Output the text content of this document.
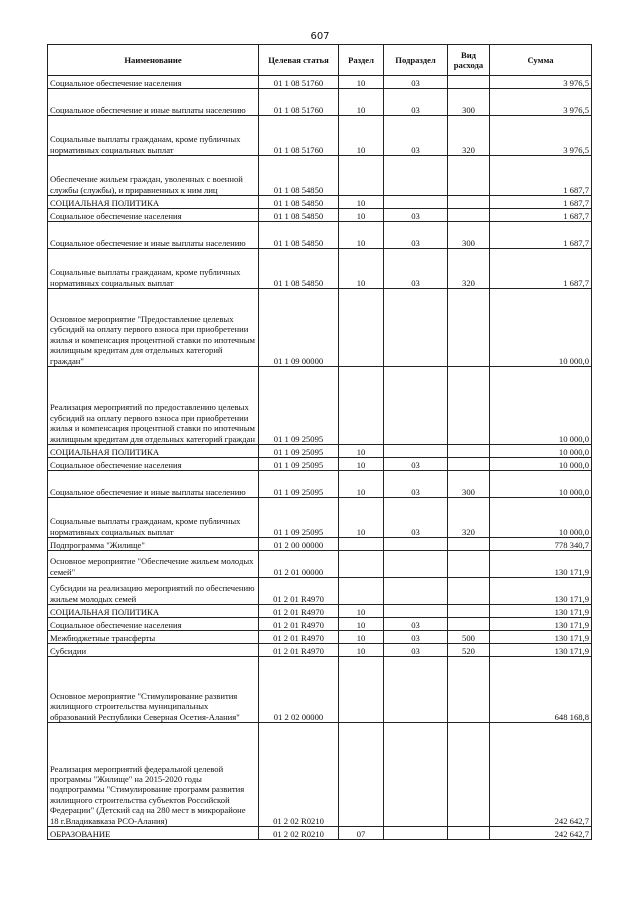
607
Наименование	Целевая статья	Раздел	Подраздел	Вид расхода	Сумма
Социальное обеспечение населения	01 1 08 51760	10	03		3 976,5
Социальное обеспечение и иные выплаты населению	01 1 08 51760	10	03	300	3 976,5
Социальные выплаты гражданам, кроме публичных нормативных социальных выплат	01 1 08 51760	10	03	320	3 976,5
Обеспечение жильем граждан, уволенных с военной службы (службы), и приравненных к ним лиц	01 1 08 54850				1 687,7
СОЦИАЛЬНАЯ ПОЛИТИКА	01 1 08 54850	10			1 687,7
Социальное обеспечение населения	01 1 08 54850	10	03		1 687,7
Социальное обеспечение и иные выплаты населению	01 1 08 54850	10	03	300	1 687,7
Социальные выплаты гражданам, кроме публичных нормативных социальных выплат	01 1 08 54850	10	03	320	1 687,7
Основное мероприятие "Предоставление целевых субсидий на оплату первого взноса при приобретении жилья и компенсация процентной ставки по ипотечным жилищным кредитам для отдельных категорий граждан"	01 1 09 00000				10 000,0
Реализация мероприятий по предоставлению целевых субсидий на оплату первого взноса при приобретении жилья и компенсация процентной ставки по ипотечным жилищным кредитам для отдельных категорий граждан	01 1 09 25095				10 000,0
СОЦИАЛЬНАЯ ПОЛИТИКА	01 1 09 25095	10			10 000,0
Социальное обеспечение населения	01 1 09 25095	10	03		10 000,0
Социальное обеспечение и иные выплаты населению	01 1 09 25095	10	03	300	10 000,0
Социальные выплаты гражданам, кроме публичных нормативных социальных выплат	01 1 09 25095	10	03	320	10 000,0
Подпрограмма "Жилище"	01 2 00 00000				778 340,7
Основное мероприятие "Обеспечение жильем молодых семей"	01 2 01 00000				130 171,9
Субсидии на реализацию мероприятий по обеспечению жильем молодых семей	01 2 01 R4970				130 171,9
СОЦИАЛЬНАЯ ПОЛИТИКА	01 2 01 R4970	10			130 171,9
Социальное обеспечение населения	01 2 01 R4970	10	03		130 171,9
Межбюджетные трансферты	01 2 01 R4970	10	03	500	130 171,9
Субсидии	01 2 01 R4970	10	03	520	130 171,9
Основное мероприятие "Стимулирование развития жилищного строительства муниципальных образований Республики Северная Осетия-Алания"	01 2 02 00000				648 168,8
Реализация мероприятий федеральной целевой программы "Жилище" на 2015-2020 годы подпрограммы "Стимулирование программ развития жилищного строительства субъектов Российской Федерации" (Детский сад на 280 мест в микрорайоне 18 г.Владикавказа РСО-Алания)	01 2 02 R0210				242 642,7
ОБРАЗОВАНИЕ	01 2 02 R0210	07			242 642,7
